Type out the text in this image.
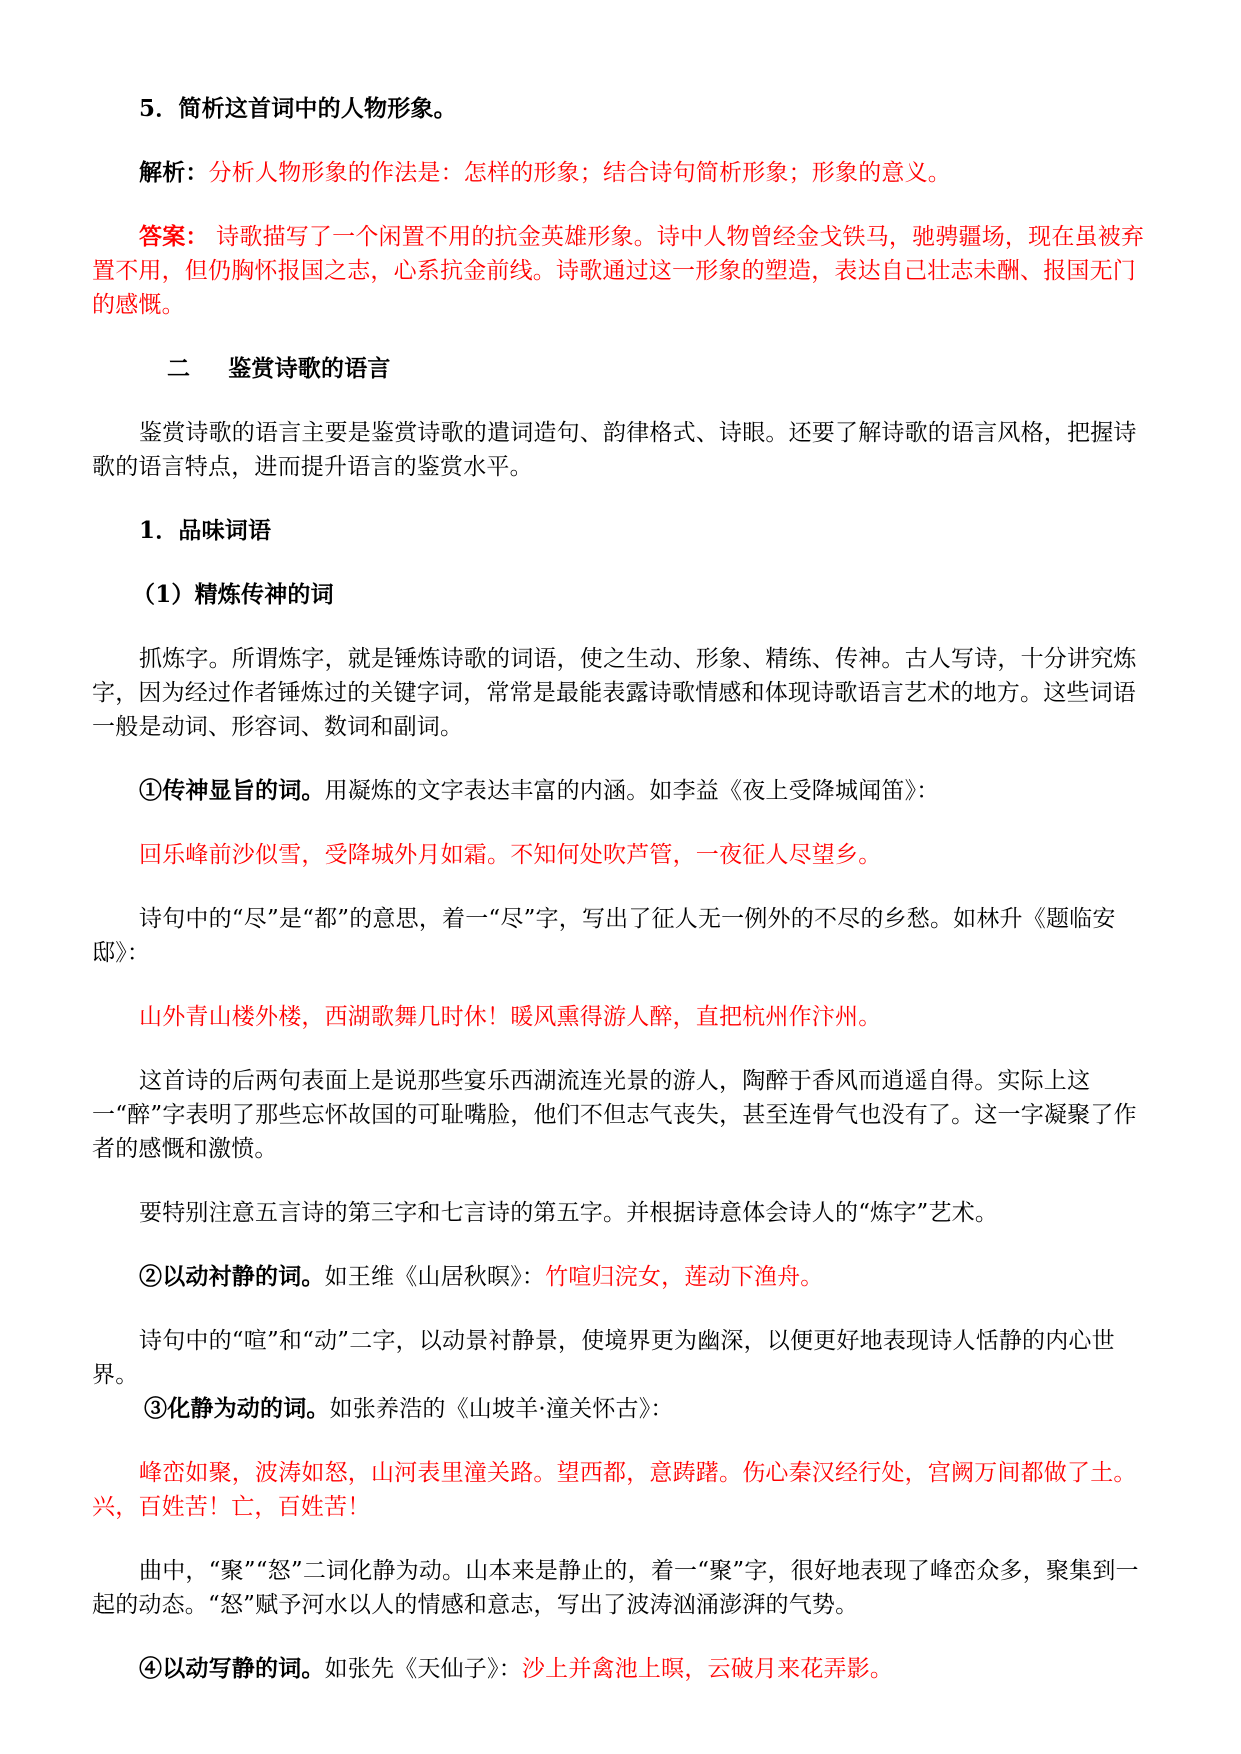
5．简析这首词中的人物形象。

解析：分析人物形象的作法是：怎样的形象；结合诗句简析形象；形象的意义。

答案： 诗歌描写了一个闲置不用的抗金英雄形象。诗中人物曾经金戈铁马，驰骋疆场，现在虽被弃置不用，但仍胸怀报国之志，心系抗金前线。诗歌通过这一形象的塑造，表达自己壮志未酬、报国无门的感慨。

二 鉴赏诗歌的语言

鉴赏诗歌的语言主要是鉴赏诗歌的遣词造句、韵律格式、诗眼。还要了解诗歌的语言风格，把握诗歌的语言特点，进而提升语言的鉴赏水平。

1．品味词语

（1）精炼传神的词

抓炼字。所谓炼字，就是锤炼诗歌的词语，使之生动、形象、精练、传神。古人写诗，十分讲究炼字，因为经过作者锤炼过的关键字词，常常是最能表露诗歌情感和体现诗歌语言艺术的地方。这些词语一般是动词、形容词、数词和副词。

①传神显旨的词。用凝炼的文字表达丰富的内涵。如李益《夜上受降城闻笛》：

回乐峰前沙似雪，受降城外月如霜。不知何处吹芦管，一夜征人尽望乡。

诗句中的“尽”是“都”的意思，着一“尽”字，写出了征人无一例外的不尽的乡愁。如林升《题临安邸》：

山外青山楼外楼，西湖歌舞几时休！暖风熏得游人醉，直把杭州作汴州。

这首诗的后两句表面上是说那些宴乐西湖流连光景的游人，陶醉于香风而逍遥自得。实际上这一“醉”字表明了那些忘怀故国的可耻嘴脸，他们不但志气丧失，甚至连骨气也没有了。这一字凝聚了作者的感慨和激愤。

要特别注意五言诗的第三字和七言诗的第五字。并根据诗意体会诗人的“炼字”艺术。

②以动衬静的词。如王维《山居秋暝》：竹喧归浣女，莲动下渔舟。

诗句中的“喧”和“动”二字，以动景衬静景，使境界更为幽深，以便更好地表现诗人恬静的内心世界。

③化静为动的词。如张养浩的《山坡羊·潼关怀古》：

峰峦如聚，波涛如怒，山河表里潼关路。望西都，意踌躇。伤心秦汉经行处，宫阙万间都做了土。兴，百姓苦！亡，百姓苦！

曲中，“聚”“怒”二词化静为动。山本来是静止的，着一“聚”字，很好地表现了峰峦众多，聚集到一起的动态。“怒”赋予河水以人的情感和意志，写出了波涛汹涌澎湃的气势。

④以动写静的词。如张先《天仙子》：沙上并禽池上暝，云破月来花弄影。
